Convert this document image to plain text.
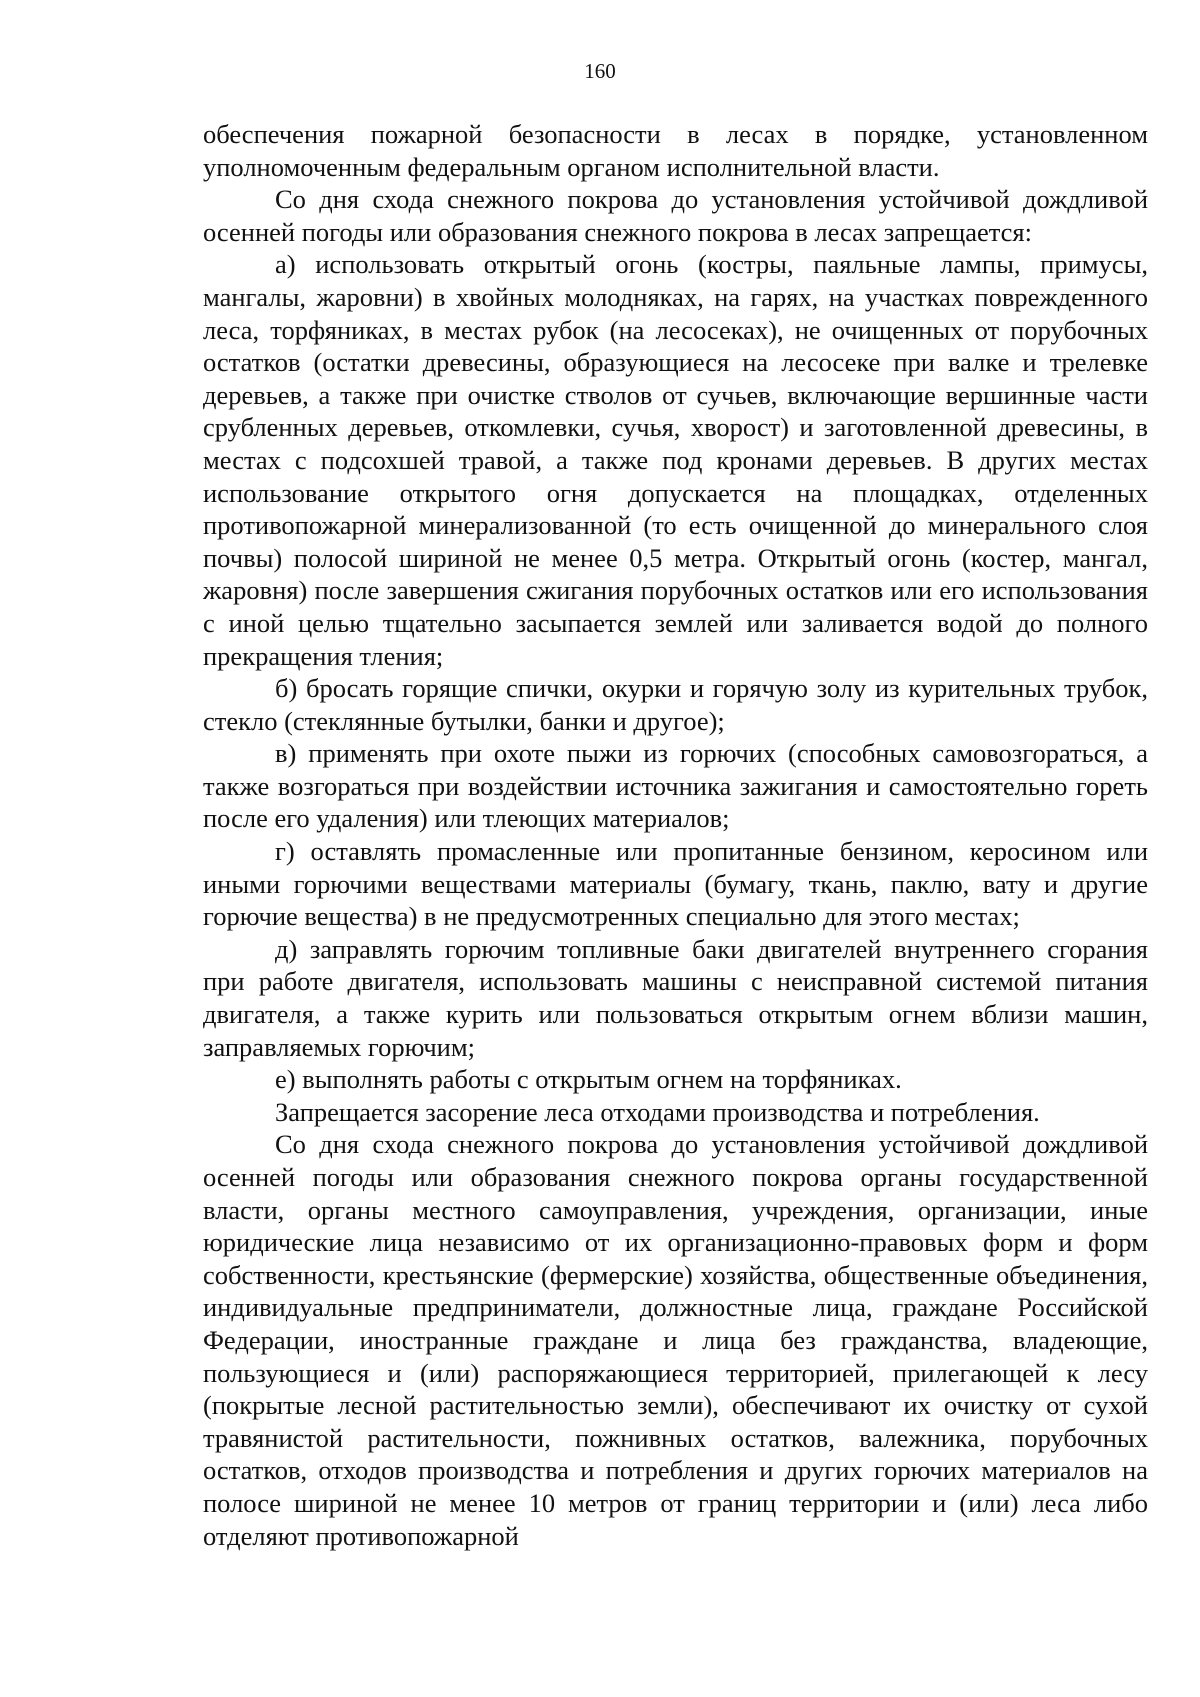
160

обеспечения пожарной безопасности в лесах в порядке, установленном уполномоченным федеральным органом исполнительной власти.

Со дня схода снежного покрова до установления устойчивой дождливой осенней погоды или образования снежного покрова в лесах запрещается:

а) использовать открытый огонь (костры, паяльные лампы, примусы, мангалы, жаровни) в хвойных молодняках, на гарях, на участках поврежденного леса, торфяниках, в местах рубок (на лесосеках), не очищенных от порубочных остатков (остатки древесины, образующиеся на лесосеке при валке и трелевке деревьев, а также при очистке стволов от сучьев, включающие вершинные части срубленных деревьев, откомлевки, сучья, хворост) и заготовленной древесины, в местах с подсохшей травой, а также под кронами деревьев. В других местах использование открытого огня допускается на площадках, отделенных противопожарной минерализованной (то есть очищенной до минерального слоя почвы) полосой шириной не менее 0,5 метра. Открытый огонь (костер, мангал, жаровня) после завершения сжигания порубочных остатков или его использования с иной целью тщательно засыпается землей или заливается водой до полного прекращения тления;

б) бросать горящие спички, окурки и горячую золу из курительных трубок, стекло (стеклянные бутылки, банки и другое);

в) применять при охоте пыжи из горючих (способных самовозгораться, а также возгораться при воздействии источника зажигания и самостоятельно гореть после его удаления) или тлеющих материалов;

г) оставлять промасленные или пропитанные бензином, керосином или иными горючими веществами материалы (бумагу, ткань, паклю, вату и другие горючие вещества) в не предусмотренных специально для этого местах;

д) заправлять горючим топливные баки двигателей внутреннего сгорания при работе двигателя, использовать машины с неисправной системой питания двигателя, а также курить или пользоваться открытым огнем вблизи машин, заправляемых горючим;

е) выполнять работы с открытым огнем на торфяниках.

Запрещается засорение леса отходами производства и потребления.

Со дня схода снежного покрова до установления устойчивой дождливой осенней погоды или образования снежного покрова органы государственной власти, органы местного самоуправления, учреждения, организации, иные юридические лица независимо от их организационно-правовых форм и форм собственности, крестьянские (фермерские) хозяйства, общественные объединения, индивидуальные предприниматели, должностные лица, граждане Российской Федерации, иностранные граждане и лица без гражданства, владеющие, пользующиеся и (или) распоряжающиеся территорией, прилегающей к лесу (покрытые лесной растительностью земли), обеспечивают их очистку от сухой травянистой растительности, пожнивных остатков, валежника, порубочных остатков, отходов производства и потребления и других горючих материалов на полосе шириной не менее 10 метров от границ территории и (или) леса либо отделяют противопожарной
